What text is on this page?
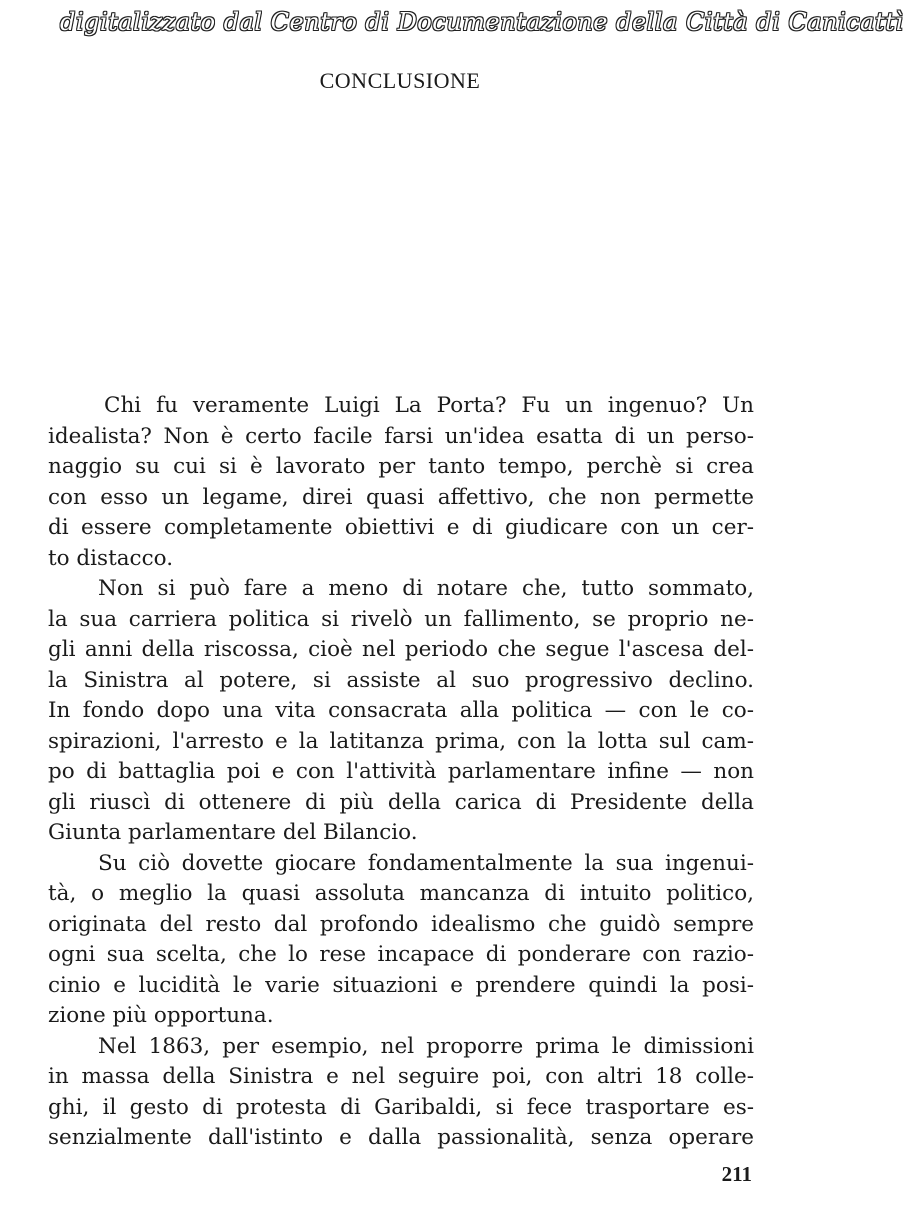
digitalizzato dal Centro di Documentazione della Città di Canicattì
CONCLUSIONE
Chi fu veramente Luigi La Porta? Fu un ingenuo? Un
idealista? Non è certo facile farsi un'idea esatta di un perso-
naggio su cui si è lavorato per tanto tempo, perchè si crea
con esso un legame, direi quasi affettivo, che non permette
di essere completamente obiettivi e di giudicare con un cer-
to distacco.
Non si può fare a meno di notare che, tutto sommato,
la sua carriera politica si rivelò un fallimento, se proprio ne-
gli anni della riscossa, cioè nel periodo che segue l'ascesa del-
la Sinistra al potere, si assiste al suo progressivo declino.
In fondo dopo una vita consacrata alla politica — con le co-
spirazioni, l'arresto e la latitanza prima, con la lotta sul cam-
po di battaglia poi e con l'attività parlamentare infine — non
gli riuscì di ottenere di più della carica di Presidente della
Giunta parlamentare del Bilancio.
Su ciò dovette giocare fondamentalmente la sua ingenui-
tà, o meglio la quasi assoluta mancanza di intuito politico,
originata del resto dal profondo idealismo che guidò sempre
ogni sua scelta, che lo rese incapace di ponderare con razio-
cinio e lucidità le varie situazioni e prendere quindi la posi-
zione più opportuna.
Nel 1863, per esempio, nel proporre prima le dimissioni
in massa della Sinistra e nel seguire poi, con altri 18 colle-
ghi, il gesto di protesta di Garibaldi, si fece trasportare es-
senzialmente dall'istinto e dalla passionalità, senza operare
211
